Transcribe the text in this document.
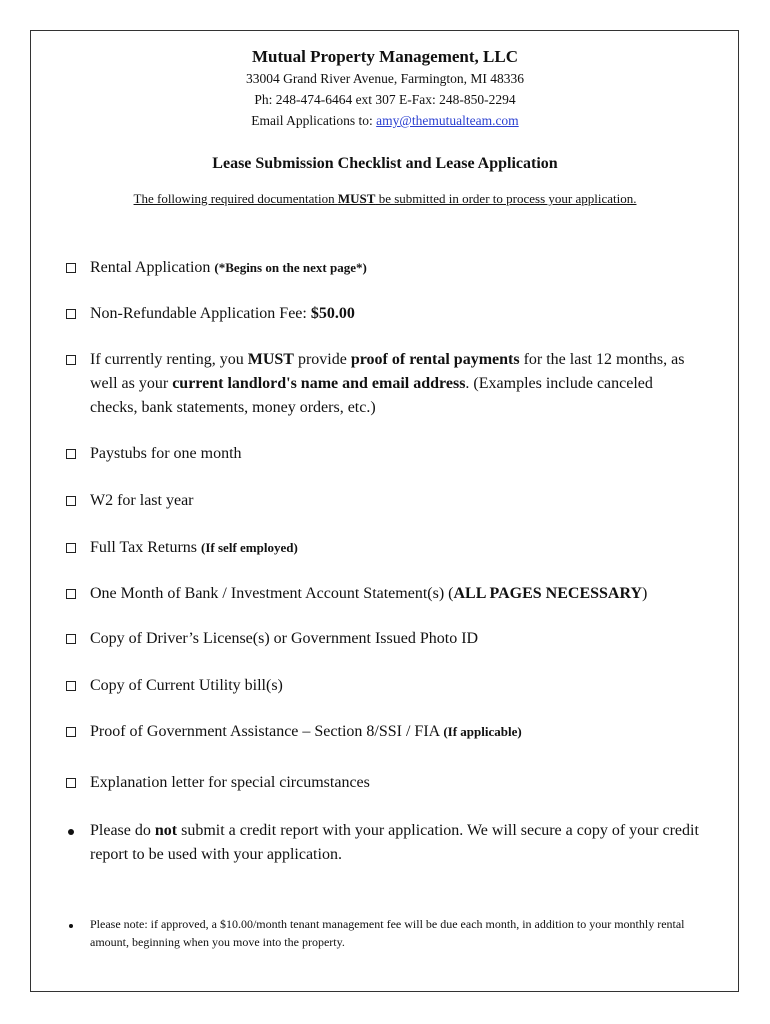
Mutual Property Management, LLC
33004 Grand River Avenue, Farmington, MI 48336
Ph: 248-474-6464 ext 307 E-Fax: 248-850-2294
Email Applications to: amy@themutualteam.com
Lease Submission Checklist and Lease Application
The following required documentation MUST be submitted in order to process your application.
Rental Application (*Begins on the next page*)
Non-Refundable Application Fee: $50.00
If currently renting, you MUST provide proof of rental payments for the last 12 months, as well as your current landlord's name and email address. (Examples include canceled checks, bank statements, money orders, etc.)
Paystubs for one month
W2 for last year
Full Tax Returns (If self employed)
One Month of Bank / Investment Account Statement(s) (ALL PAGES NECESSARY)
Copy of Driver’s License(s) or Government Issued Photo ID
Copy of Current Utility bill(s)
Proof of Government Assistance – Section 8/SSI / FIA (If applicable)
Explanation letter for special circumstances
Please do not submit a credit report with your application. We will secure a copy of your credit report to be used with your application.
Please note: if approved, a $10.00/month tenant management fee will be due each month, in addition to your monthly rental amount, beginning when you move into the property.
